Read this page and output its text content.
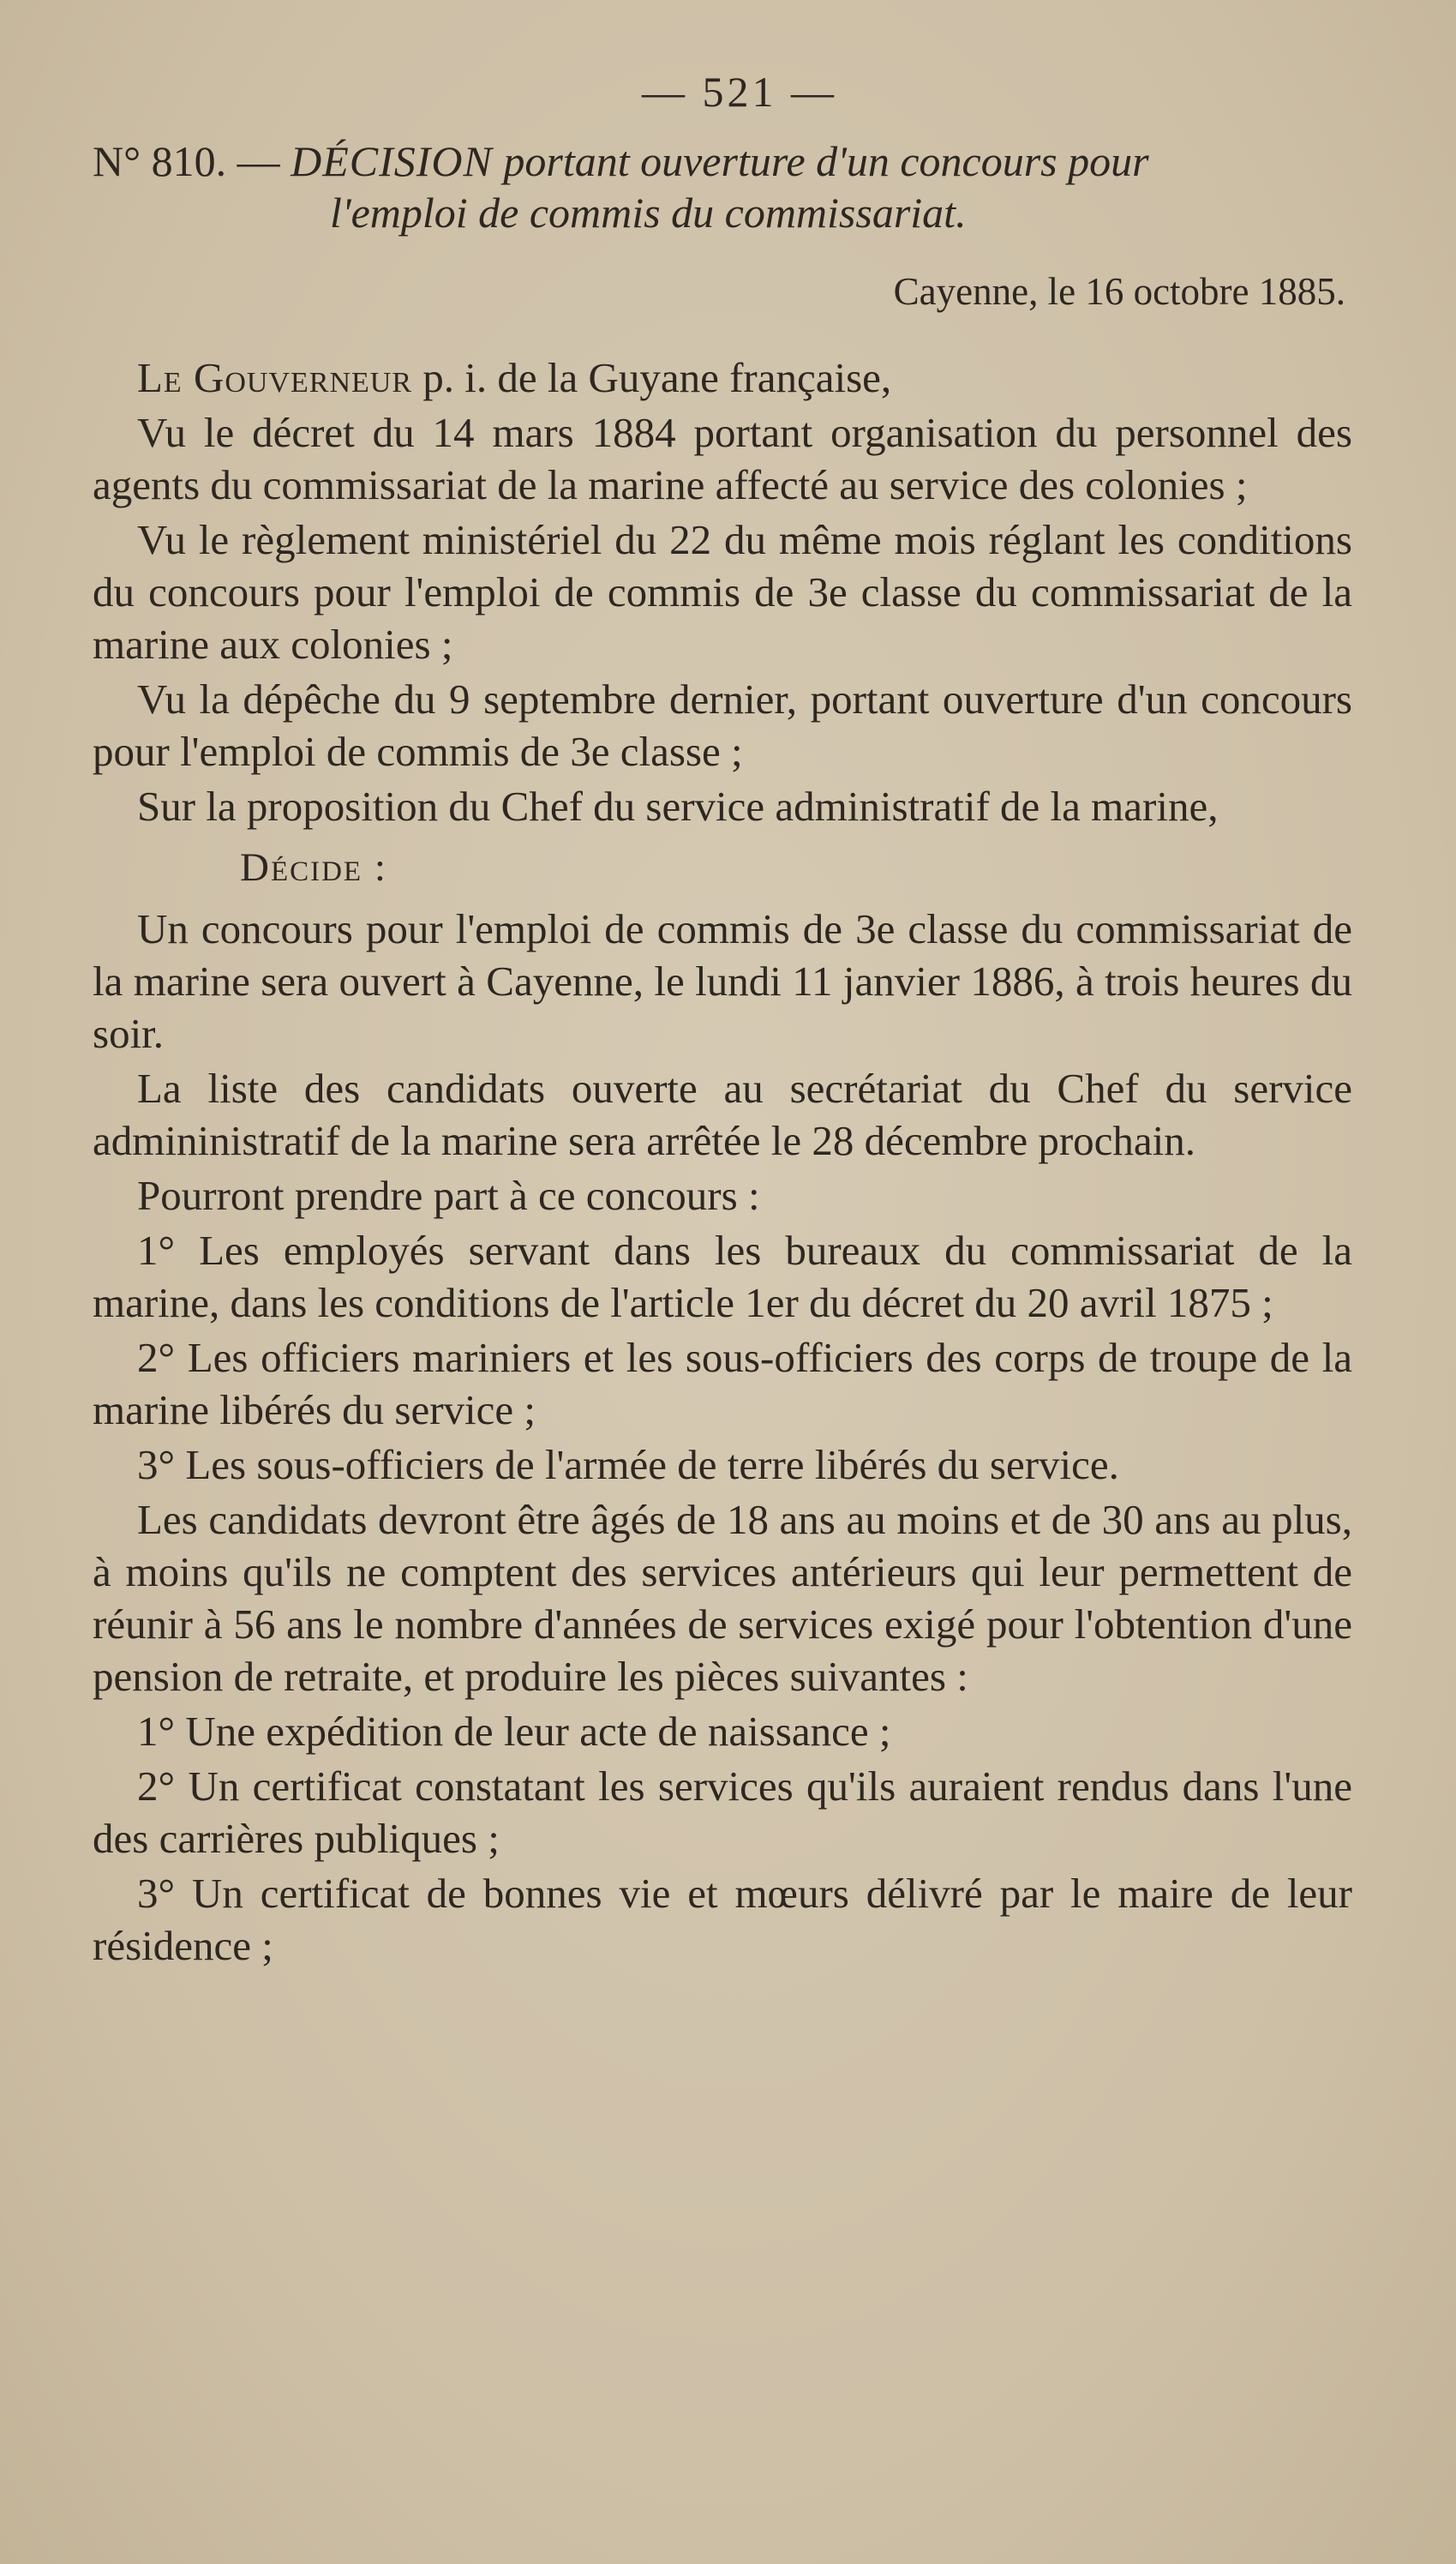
— 521 —

N° 810. — DÉCISION portant ouverture d'un concours pour

l'emploi de commis du commissariat.

Cayenne, le 16 octobre 1885.

Le Gouverneur p. i. de la Guyane française,

Vu le décret du 14 mars 1884 portant organisation du personnel des agents du commissariat de la marine affecté au service des colonies ;

Vu le règlement ministériel du 22 du même mois réglant les conditions du concours pour l'emploi de commis de 3e classe du commissariat de la marine aux colonies ;

Vu la dépêche du 9 septembre dernier, portant ouverture d'un concours pour l'emploi de commis de 3e classe ;

Sur la proposition du Chef du service administratif de la marine,

Décide :

Un concours pour l'emploi de commis de 3e classe du commissariat de la marine sera ouvert à Cayenne, le lundi 11 janvier 1886, à trois heures du soir.

La liste des candidats ouverte au secrétariat du Chef du service admininistratif de la marine sera arrêtée le 28 décembre prochain.

Pourront prendre part à ce concours :

1° Les employés servant dans les bureaux du commissariat de la marine, dans les conditions de l'article 1er du décret du 20 avril 1875 ;

2° Les officiers mariniers et les sous-officiers des corps de troupe de la marine libérés du service ;

3° Les sous-officiers de l'armée de terre libérés du service.

Les candidats devront être âgés de 18 ans au moins et de 30 ans au plus, à moins qu'ils ne comptent des services antérieurs qui leur permettent de réunir à 56 ans le nombre d'années de services exigé pour l'obtention d'une pension de retraite, et produire les pièces suivantes :

1° Une expédition de leur acte de naissance ;

2° Un certificat constatant les services qu'ils auraient rendus dans l'une des carrières publiques ;

3° Un certificat de bonnes vie et mœurs délivré par le maire de leur résidence ;
